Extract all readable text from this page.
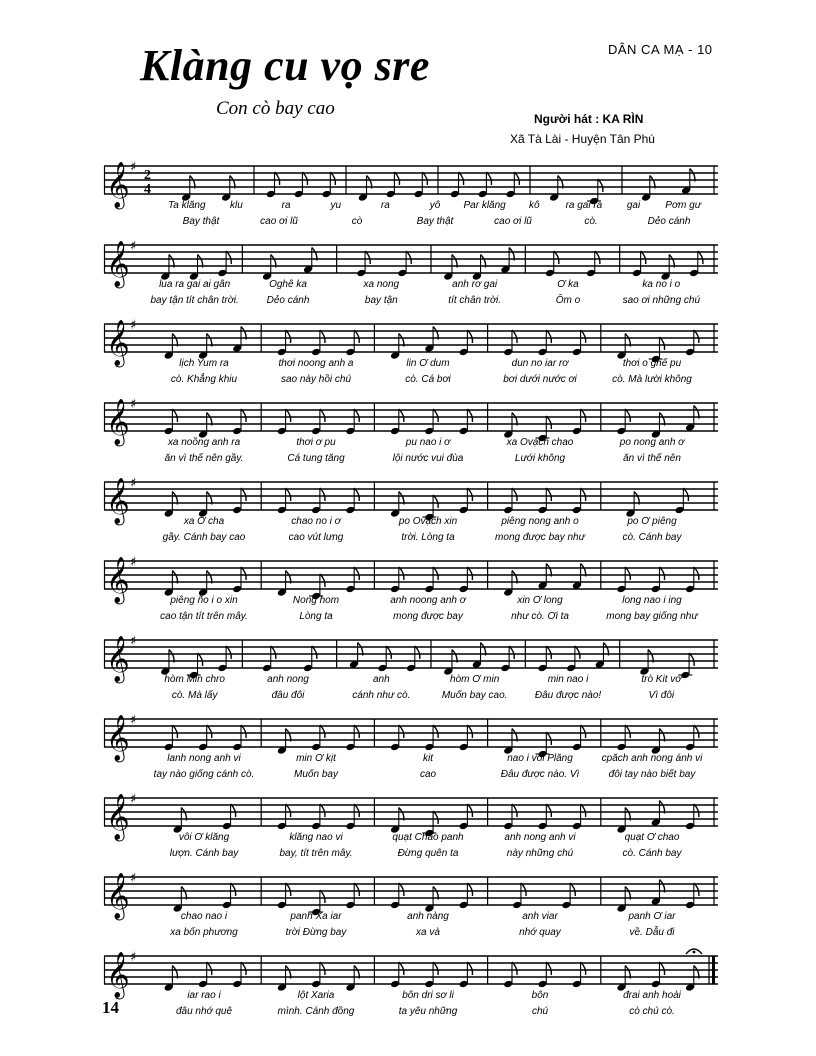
DÂN CA MẠ - 10
Klàng cu vọ sre
Con cò bay cao	Người hát : KA RÌN
Xã Tà Lài - Huyện Tân Phú
𝄞 ♯
2
4
Ta klăng klu	ra	yu	ra	yô Par klăng kô	ra gai ra gai	Pơm gư
Bay thật	cao ơi lũ	cò	Bay thật	cao ơi lũ	cò.	Dẻo cánh
𝄞 ♯
lua ra gai ai gân	Oghê ka	xa nong	anh rơ gai	Ơ ka	ka no i o
bay tận tít chân trời.	Dẻo cánh	bay tận	tít chân trời.	Ôm o	sao ơi những chú
𝄞 ♯
lịch Yum ra	thơi noong anh a	lin Ơ dum	dun no iar rơ	thơi o ghế pu
cò. Khẳng khiu	sao này hồi chú	cò. Cá bơi	bơi dưới nước ơi	cò. Mà lười không
𝄞 ♯
xa noồng anh ra	thơi ơ pu	pu nao i ơ	xa Ovạch chao	po nong anh ơ
ăn vì thế nên gầy.	Cá tung tăng	lội nước vui đùa	Lưới không	ăn vì thế nên
𝄞 ♯
xa Ơ cha	chao no i ơ	po Ovạch xin	piêng nong anh o	po Ơ piêng
gầy. Cánh bay cao	cao vút lưng	trời. Lòng ta	mong được bay như	cò. Cánh bay
𝄞 ♯
piêng ño i o xin	Nong hom	anh noong anh ơ	xin Ơ long	long nao i ing
cao tận tít trên mây.	Lòng ta	mong được bay	như cò. Ơi ta	mong bay giống như
𝄞 ♯
hòm Min chro	anh nong	anh	hòm Ơ min	min nao i	trò Kit vơ
cò. Mà lấy	đâu đôi	cánh như cò.	Muốn bay cao.	Đâu được nào!	Vì đôi
𝄞 ♯
lanh nong anh vi	min Ơ kịt	kit	nao i vol Plăng	cpăch anh nong ánh vi
tay nào giống cánh cò.	Muốn bay	cao	Đâu được nào. Vì	đôi tay nào biết bay
𝄞 ♯
vôi Ơ klăng	klăng nao vi	quạt Chao panh	anh nong anh vi	quạt Ơ chao
lượn. Cánh bay	bay, tít trên mây.	Đừng quên ta	này những chú	cò. Cánh bay
𝄞 ♯
chao nao i	panh Xa iar	anh nàng	anh viar	panh Ơ iar
xa bốn phương	trời Đừng bay	xa và	nhớ quay	về. Dẫu đi
𝄞 ♯
iar rao i	lột Xaria	bôn dri sơ li	bôn	đrai anh hoài
đâu nhớ quê	mình. Cánh đồng	ta yêu những	chú	cò chú cò.
14
